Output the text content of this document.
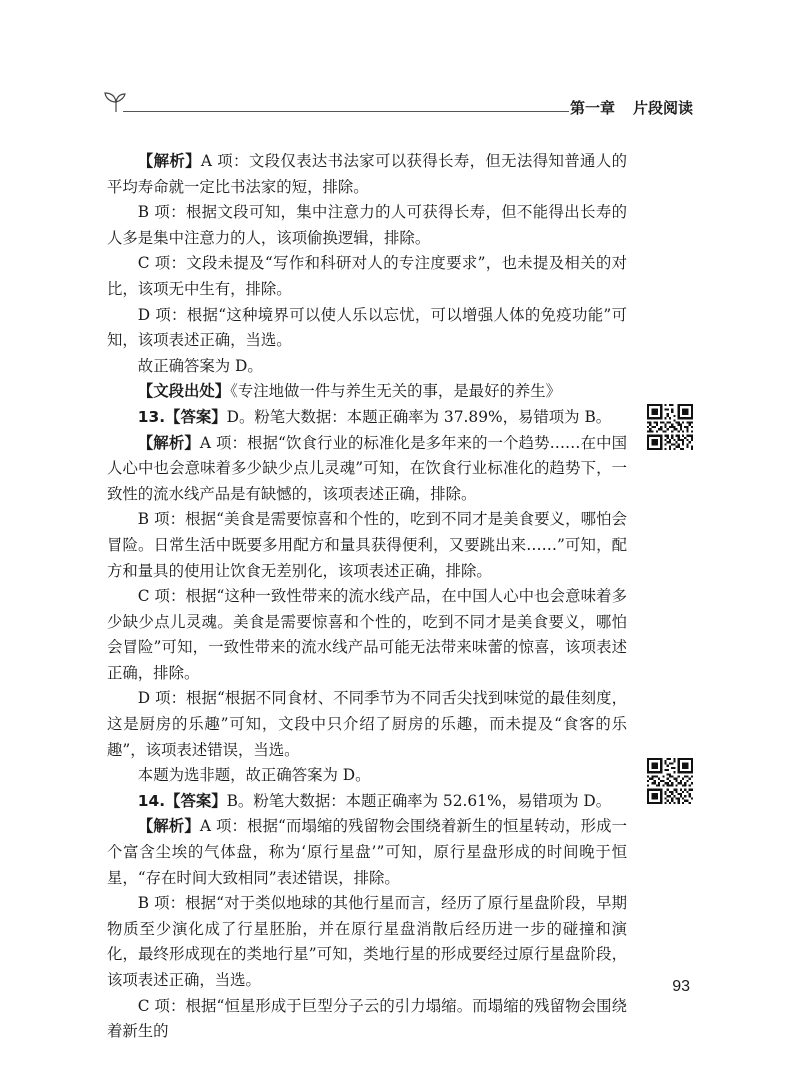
第一章 片段阅读

【解析】A 项：文段仅表达书法家可以获得长寿，但无法得知普通人的平均寿命就一定比书法家的短，排除。

B 项：根据文段可知，集中注意力的人可获得长寿，但不能得出长寿的人多是集中注意力的人，该项偷换逻辑，排除。

C 项：文段未提及“写作和科研对人的专注度要求”，也未提及相关的对比，该项无中生有，排除。

D 项：根据“这种境界可以使人乐以忘忧，可以增强人体的免疫功能”可知，该项表述正确，当选。

故正确答案为 D。

【文段出处】《专注地做一件与养生无关的事，是最好的养生》

13.【答案】D。粉笔大数据：本题正确率为 37.89%，易错项为 B。

【解析】A 项：根据“饮食行业的标准化是多年来的一个趋势……在中国人心中也会意味着多少缺少点儿灵魂”可知，在饮食行业标准化的趋势下，一致性的流水线产品是有缺憾的，该项表述正确，排除。

B 项：根据“美食是需要惊喜和个性的，吃到不同才是美食要义，哪怕会冒险。日常生活中既要多用配方和量具获得便利，又要跳出来……”可知，配方和量具的使用让饮食无差别化，该项表述正确，排除。

C 项：根据“这种一致性带来的流水线产品，在中国人心中也会意味着多少缺少点儿灵魂。美食是需要惊喜和个性的，吃到不同才是美食要义，哪怕会冒险”可知，一致性带来的流水线产品可能无法带来味蕾的惊喜，该项表述正确，排除。

D 项：根据“根据不同食材、不同季节为不同舌尖找到味觉的最佳刻度，这是厨房的乐趣”可知，文段中只介绍了厨房的乐趣，而未提及“食客的乐趣”，该项表述错误，当选。

本题为选非题，故正确答案为 D。

14.【答案】B。粉笔大数据：本题正确率为 52.61%，易错项为 D。

【解析】A 项：根据“而塌缩的残留物会围绕着新生的恒星转动，形成一个富含尘埃的气体盘，称为‘原行星盘’”可知，原行星盘形成的时间晚于恒星，“存在时间大致相同”表述错误，排除。

B 项：根据“对于类似地球的其他行星而言，经历了原行星盘阶段，早期物质至少演化成了行星胚胎，并在原行星盘消散后经历进一步的碰撞和演化，最终形成现在的类地行星”可知，类地行星的形成要经过原行星盘阶段，该项表述正确，当选。

C 项：根据“恒星形成于巨型分子云的引力塌缩。而塌缩的残留物会围绕着新生的

93
